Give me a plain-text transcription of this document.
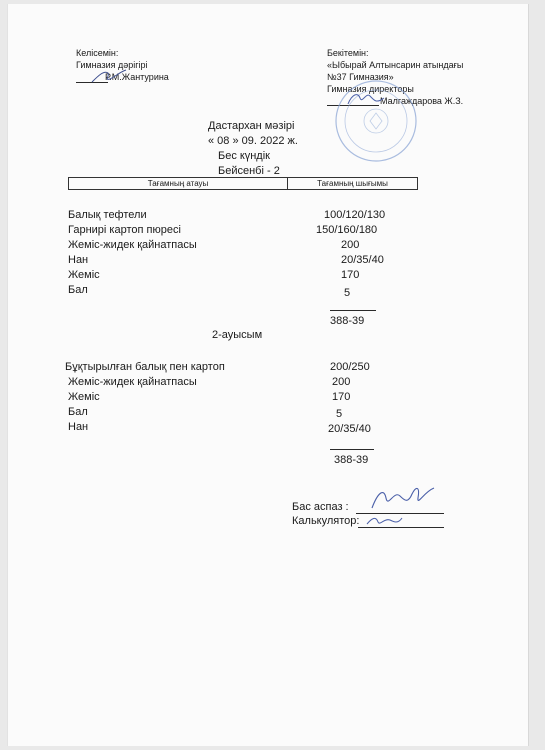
Келісемін:
Гимназия дәрігірі
Р.М.Жантурина
Бекітемін:
«Ыбырай Алтынсарин атындағы
№37 Гимназия»
Гимназия директоры
Малгаждарова Ж.З.
Дастархан мәзірі
« 08 » 09. 2022 ж.
Бес күндік
Бейсенбі - 2
Тағамның атауы	Тағамның шығымы
Балық тефтели	100/120/130
Гарнирі картоп пюресі	150/160/180
Жеміс-жидек қайнатпасы	200
Нан	20/35/40
Жеміс	170
Бал	5
388-39
2-ауысым
Бұқтырылған балық пен картоп	200/250
Жеміс-жидек қайнатпасы	200
Жеміс	170
Бал	5
Нан	20/35/40
388-39
Бас аспаз :
Калькулятор:
